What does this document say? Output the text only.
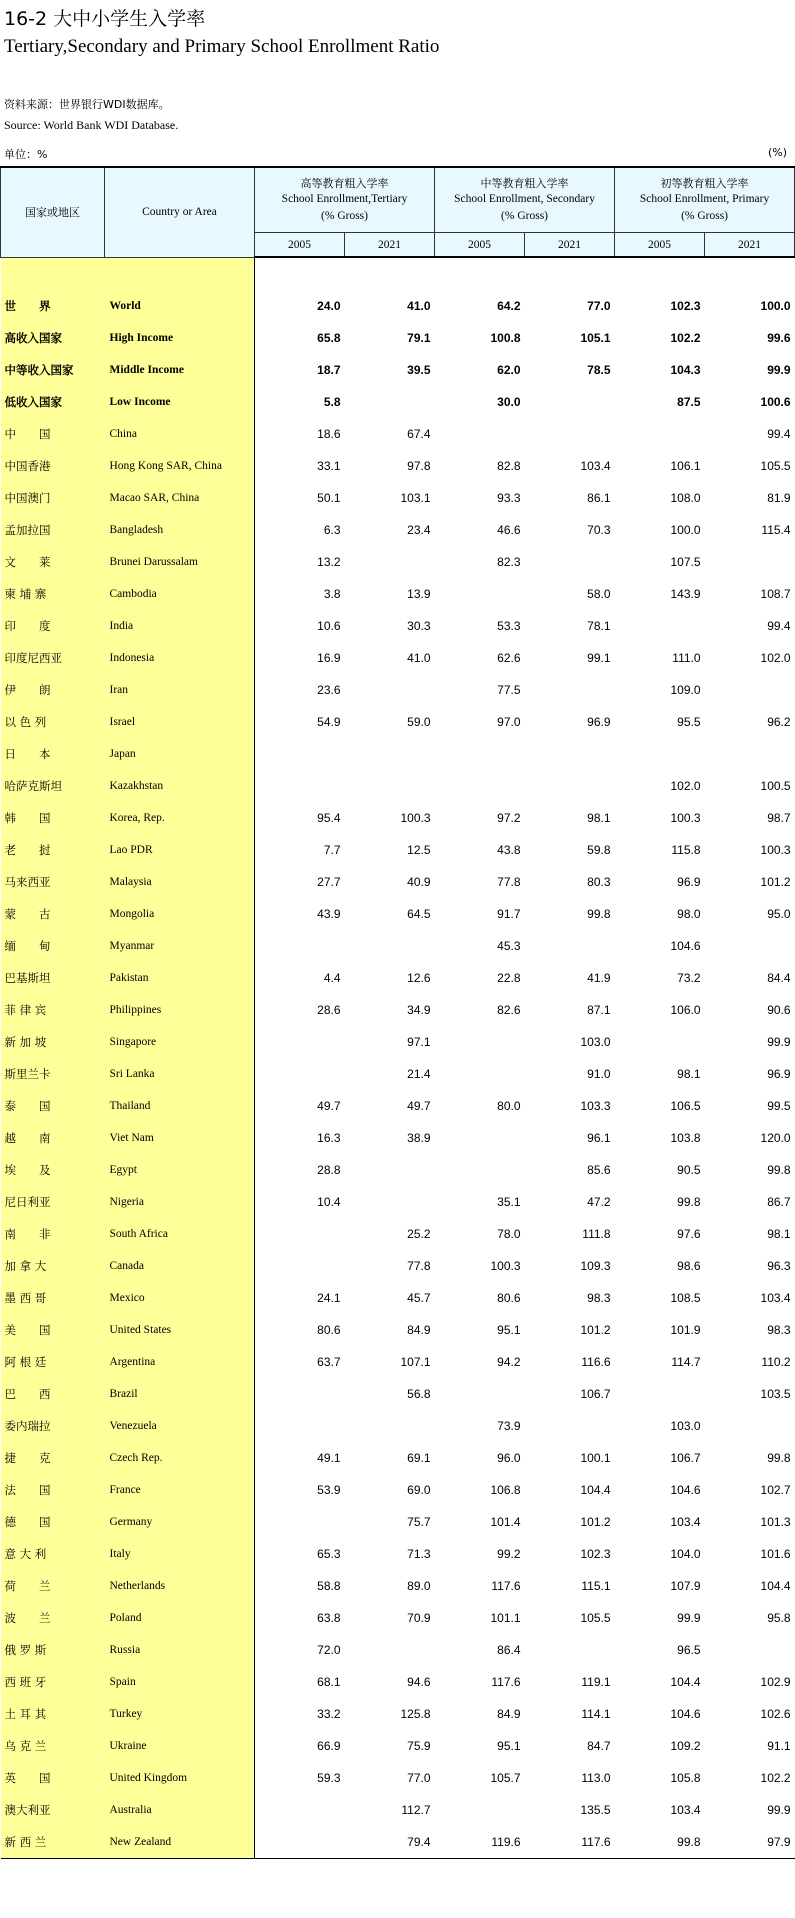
16-2 大中小学生入学率
Tertiary,Secondary and Primary School Enrollment Ratio
资料来源：世界银行WDI数据库。
Source: World Bank WDI Database.
单位：%	(%)
国家或地区	Country or Area	高等教育粗入学率
School Enrollment,Tertiary
(% Gross)		中等教育粗入学率
School Enrollment, Secondary
(% Gross)		初等教育粗入学率
School Enrollment, Primary
(% Gross)	

		2005	2021	2005	2021	2005	2021

世　　界	World	24.0	41.0	64.2	77.0	102.3	100.0
高收入国家	High Income	65.8	79.1	100.8	105.1	102.2	99.6
中等收入国家	Middle Income	18.7	39.5	62.0	78.5	104.3	99.9
低收入国家	Low Income	5.8		30.0		87.5	100.6
中　　国	China	18.6	67.4				99.4
中国香港	Hong Kong SAR, China	33.1	97.8	82.8	103.4	106.1	105.5
中国澳门	Macao SAR, China	50.1	103.1	93.3	86.1	108.0	81.9
孟加拉国	Bangladesh	6.3	23.4	46.6	70.3	100.0	115.4
文　　莱	Brunei Darussalam	13.2		82.3		107.5	
柬 埔 寨	Cambodia	3.8	13.9		58.0	143.9	108.7
印　　度	India	10.6	30.3	53.3	78.1		99.4
印度尼西亚	Indonesia	16.9	41.0	62.6	99.1	111.0	102.0
伊　　朗	Iran	23.6		77.5		109.0	
以 色 列	Israel	54.9	59.0	97.0	96.9	95.5	96.2
日　　本	Japan						
哈萨克斯坦	Kazakhstan					102.0	100.5
韩　　国	Korea, Rep.	95.4	100.3	97.2	98.1	100.3	98.7
老　　挝	Lao PDR	7.7	12.5	43.8	59.8	115.8	100.3
马来西亚	Malaysia	27.7	40.9	77.8	80.3	96.9	101.2
蒙　　古	Mongolia	43.9	64.5	91.7	99.8	98.0	95.0
缅　　甸	Myanmar			45.3		104.6	
巴基斯坦	Pakistan	4.4	12.6	22.8	41.9	73.2	84.4
菲 律 宾	Philippines	28.6	34.9	82.6	87.1	106.0	90.6
新 加 坡	Singapore		97.1		103.0		99.9
斯里兰卡	Sri Lanka		21.4		91.0	98.1	96.9
泰　　国	Thailand	49.7	49.7	80.0	103.3	106.5	99.5
越　　南	Viet Nam	16.3	38.9		96.1	103.8	120.0
埃　　及	Egypt	28.8			85.6	90.5	99.8
尼日利亚	Nigeria	10.4		35.1	47.2	99.8	86.7
南　　非	South Africa		25.2	78.0	111.8	97.6	98.1
加 拿 大	Canada		77.8	100.3	109.3	98.6	96.3
墨 西 哥	Mexico	24.1	45.7	80.6	98.3	108.5	103.4
美　　国	United States	80.6	84.9	95.1	101.2	101.9	98.3
阿 根 廷	Argentina	63.7	107.1	94.2	116.6	114.7	110.2
巴　　西	Brazil		56.8		106.7		103.5
委内瑞拉	Venezuela			73.9		103.0	
捷　　克	Czech Rep.	49.1	69.1	96.0	100.1	106.7	99.8
法　　国	France	53.9	69.0	106.8	104.4	104.6	102.7
德　　国	Germany		75.7	101.4	101.2	103.4	101.3
意 大 利	Italy	65.3	71.3	99.2	102.3	104.0	101.6
荷　　兰	Netherlands	58.8	89.0	117.6	115.1	107.9	104.4
波　　兰	Poland	63.8	70.9	101.1	105.5	99.9	95.8
俄 罗 斯	Russia	72.0		86.4		96.5	
西 班 牙	Spain	68.1	94.6	117.6	119.1	104.4	102.9
土 耳 其	Turkey	33.2	125.8	84.9	114.1	104.6	102.6
乌 克 兰	Ukraine	66.9	75.9	95.1	84.7	109.2	91.1
英　　国	United Kingdom	59.3	77.0	105.7	113.0	105.8	102.2
澳大利亚	Australia		112.7		135.5	103.4	99.9
新 西 兰	New Zealand		79.4	119.6	117.6	99.8	97.9
